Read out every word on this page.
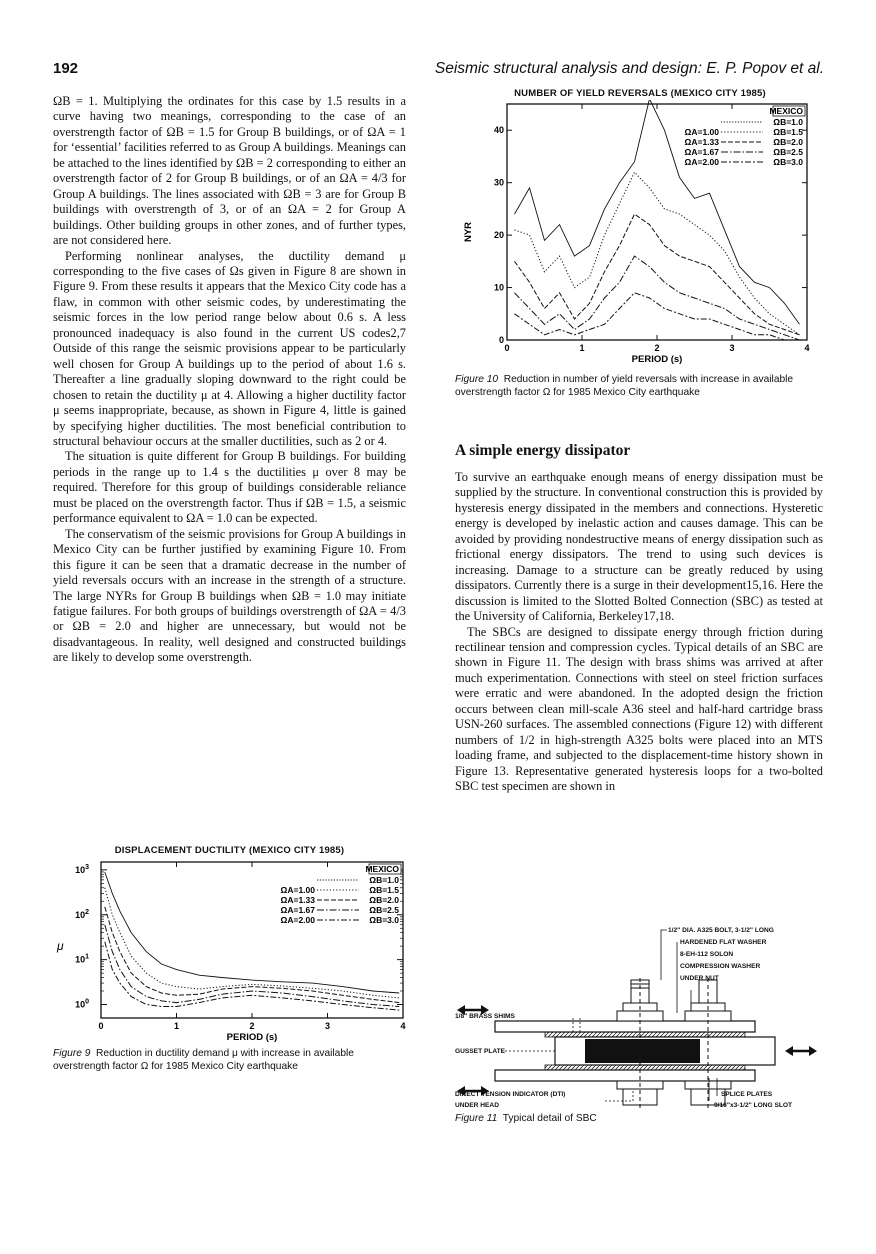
192	Seismic structural analysis and design: E. P. Popov et al.

ΩB = 1. Multiplying the ordinates for this case by 1.5 results in a curve having two meanings, corresponding to the case of an overstrength factor of ΩB = 1.5 for Group B buildings, or of ΩA = 1 for ‘essential’ facilities referred to as Group A buildings. Meanings can be attached to the lines identified by ΩB = 2 corresponding to either an overstrength factor of 2 for Group B buildings, or of an ΩA = 4/3 for Group A buildings. The lines associated with ΩB = 3 are for Group B buildings with overstrength of 3, or of an ΩA = 2 for Group A buildings. Other building groups in other zones, and of further types, are not considered here.

Performing nonlinear analyses, the ductility demand μ corresponding to the five cases of Ωs given in Figure 8 are shown in Figure 9. From these results it appears that the Mexico City code has a flaw, in common with other seismic codes, by underestimating the seismic forces in the low period range below about 0.6 s. A less pronounced inadequacy is also found in the current US codes2,7 Outside of this range the seismic provisions appear to be particularly well chosen for Group A buildings up to the period of about 1.6 s. Thereafter a line gradually sloping downward to the right could be chosen to retain the ductility μ at 4. Allowing a higher ductility factor μ seems inappropriate, because, as shown in Figure 4, little is gained by specifying higher ductilities. The most beneficial contribution to structural behaviour occurs at the smaller ductilities, such as 2 or 4.

The situation is quite different for Group B buildings. For building periods in the range up to 1.4 s the ductilities μ over 8 may be required. Therefore for this group of buildings considerable reliance must be placed on the overstrength factor. Thus if ΩB = 1.5, a seismic performance equivalent to ΩA = 1.0 can be expected.

The conservatism of the seismic provisions for Group A buildings in Mexico City can be further justified by examining Figure 10. From this figure it can be seen that a dramatic decrease in the number of yield reversals occurs with an increase in the strength of a structure. The large NYRs for Group B buildings when ΩB = 1.0 may initiate fatigue failures. For both groups of buildings overstrength of ΩA = 4/3 or ΩB = 2.0 and higher are unnecessary, but would not be disadvantageous. In reality, well designed and constructed buildings are likely to develop some overstrength.

DISPLACEMENT DUCTILITY (MEXICO CITY 1985)
0	1	2	3	4
$10^3$
$10^2$
$10^1$
$10^0$
PERIOD (s)
MEXICO
ΩB=1.0
ΩB=1.5
ΩA=1.00
ΩB=2.0
ΩA=1.33
ΩB=2.5
ΩA=1.67
ΩB=3.0
ΩA=2.00
μ
Figure 9 Reduction in ductility demand μ with increase in available overstrength factor Ω for 1985 Mexico City earthquake
NUMBER OF YIELD REVERSALS (MEXICO CITY 1985)
0	1	2	3	4
0
10
20
30
40
PERIOD (s)
MEXICO
ΩB=1.0
ΩB=1.5
ΩA=1.00
ΩB=2.0
ΩA=1.33
ΩB=2.5
ΩA=1.67
ΩB=3.0
ΩA=2.00
NYR
Figure 10 Reduction in number of yield reversals with increase in available overstrength factor Ω for 1985 Mexico City earthquake
A simple energy dissipator

To survive an earthquake enough means of energy dissipation must be supplied by the structure. In conventional construction this is provided by hysteresis energy dissipated in the members and connections. Hysteretic energy is developed by inelastic action and causes damage. This can be avoided by providing nondestructive means of energy dissipation such as frictional energy dissipators. The trend to using such devices is increasing. Damage to a structure can be greatly reduced by using dissipators. Currently there is a surge in their development15,16. Here the discussion is limited to the Slotted Bolted Connection (SBC) as tested at the University of California, Berkeley17,18.

The SBCs are designed to dissipate energy through friction during rectilinear tension and compression cycles. Typical details of an SBC are shown in Figure 11. The design with brass shims was arrived at after much experimentation. Connections with steel on steel friction surfaces were erratic and were abandoned. In the adopted design the friction occurs between clean mill-scale A36 steel and half-hard cartridge brass USN-260 surfaces. The assembled connections (Figure 12) with different numbers of 1/2 in high-strength A325 bolts were placed into an MTS loading frame, and subjected to the displacement-time history shown in Figure 13. Representative generated hysteresis loops for a two-bolted SBC test specimen are shown in

1/2" DIA. A325 BOLT, 3-1/2" LONG
HARDENED FLAT WASHER
8-EH-112 SOLON
COMPRESSION WASHER
UNDER NUT
1/8" BRASS SHIMS
GUSSET PLATE
DIRECT TENSION INDICATOR (DTI)
UNDER HEAD
SPLICE PLATES
9/16"x3-1/2" LONG SLOT
Figure 11 Typical detail of SBC
